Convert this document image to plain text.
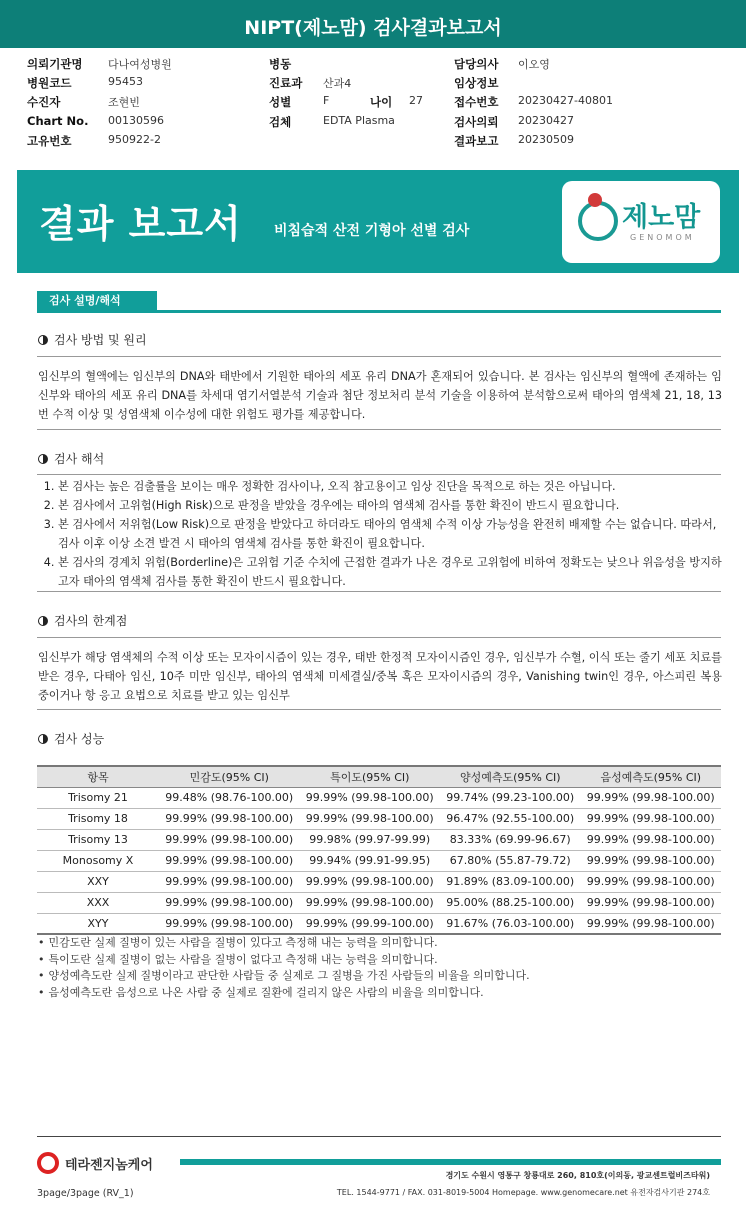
NIPT(제노맘) 검사결과보고서
의뢰기관명 다나여성병원	병동	담당의사 이오영
병원코드	95453	진료과 산과4	임상정보
수진자	조현빈	성별	F	나이 27	접수번호 20230427-40801
Chart No. 00130596	검체	EDTA Plasma	검사의뢰 20230427
고유번호	950922-2	결과보고 20230509
결과 보고서 비침습적 산전 기형아 선별 검사	제노맘
GENOMOM
검사 설명/해석
검사 방법 및 원리
임신부의 혈액에는 임신부의 DNA와 태반에서 기원한 태아의 세포 유리 DNA가 혼재되어 있습니다. 본 검사는 임신부의 혈액에 존재하는 임신부와 태아의 세포 유리 DNA를 차세대 염기서열분석 기술과 첨단 정보처리 분석 기술을 이용하여 분석함으로써 태아의 염색체 21, 18, 13번 수적 이상 및 성염색체 이수성에 대한 위험도 평가를 제공합니다.
검사 해석
1. 본 검사는 높은 검출률을 보이는 매우 정확한 검사이나, 오직 참고용이고 임상 진단을 목적으로 하는 것은 아닙니다.
2. 본 검사에서 고위험(High Risk)으로 판정을 받았을 경우에는 태아의 염색체 검사를 통한 확진이 반드시 필요합니다.
3. 본 검사에서 저위험(Low Risk)으로 판정을 받았다고 하더라도 태아의 염색체 수적 이상 가능성을 완전히 배제할 수는 없습니다. 따라서, 검사 이후 이상 소견 발견 시 태아의 염색체 검사를 통한 확진이 필요합니다.
4. 본 검사의 경계치 위험(Borderline)은 고위험 기준 수치에 근접한 결과가 나온 경우로 고위험에 비하여 정확도는 낮으나 위음성을 방지하고자 태아의 염색체 검사를 통한 확진이 반드시 필요합니다.
검사의 한계점
임신부가 해당 염색체의 수적 이상 또는 모자이시즘이 있는 경우, 태반 한정적 모자이시즘인 경우, 임신부가 수혈, 이식 또는 줄기 세포 치료를 받은 경우, 다태아 임신, 10주 미만 임신부, 태아의 염색체 미세결실/중복 혹은 모자이시즘의 경우, Vanishing twin인 경우, 아스피린 복용 중이거나 항 응고 요법으로 치료를 받고 있는 임신부
검사 성능
항목	민감도(95% CI)	특이도(95% CI)	양성예측도(95% CI)	음성예측도(95% CI)
Trisomy 21	99.48% (98.76-100.00)	99.99% (99.98-100.00)	99.74% (99.23-100.00)	99.99% (99.98-100.00)
Trisomy 18	99.99% (99.98-100.00)	99.99% (99.98-100.00)	96.47% (92.55-100.00)	99.99% (99.98-100.00)
Trisomy 13	99.99% (99.98-100.00)	99.98% (99.97-99.99)	83.33% (69.99-96.67)	99.99% (99.98-100.00)
Monosomy X	99.99% (99.98-100.00)	99.94% (99.91-99.95)	67.80% (55.87-79.72)	99.99% (99.98-100.00)
XXY	99.99% (99.98-100.00)	99.99% (99.98-100.00)	91.89% (83.09-100.00)	99.99% (99.98-100.00)
XXX	99.99% (99.98-100.00)	99.99% (99.98-100.00)	95.00% (88.25-100.00)	99.99% (99.98-100.00)
XYY	99.99% (99.98-100.00)	99.99% (99.99-100.00)	91.67% (76.03-100.00)	99.99% (99.98-100.00)
• 민감도란 실제 질병이 있는 사람을 질병이 있다고 측정해 내는 능력을 의미합니다.
• 특이도란 실제 질병이 없는 사람을 질병이 없다고 측정해 내는 능력을 의미합니다.
• 양성예측도란 실제 질병이라고 판단한 사람들 중 실제로 그 질병을 가진 사람들의 비율을 의미합니다.
• 음성예측도란 음성으로 나온 사람 중 실제로 질환에 걸리지 않은 사람의 비율을 의미합니다.
테라젠지놈케어
경기도 수원시 영통구 창룡대로 260, 810호(이의동, 광교센트럴비즈타워)
TEL. 1544-9771 / FAX. 031-8019-5004 Homepage. www.genomecare.net 유전자검사기관 274호
3page/3page (RV_1)
